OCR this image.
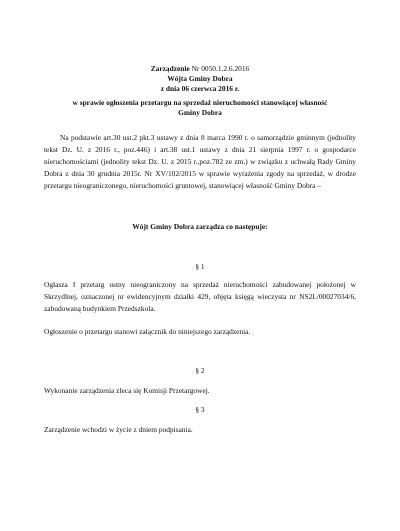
Zarządzenie Nr 0050.1.2.6.2016
Wójta Gminy Dobra
z dnia 06 czerwca 2016 r.
w sprawie ogłoszenia przetargu na sprzedaż nieruchomości stanowiącej własność
Gminy Dobra
Na podstawie art.30 ust.2 pkt.3 ustawy z dnia 8 marca 1990 r. o samorządzie gminnym (jednolity tekst Dz. U. z 2016 r., poz.446) i art.38 ust.1 ustawy z dnia 21 sierpnia 1997 r. o gospodarce nieruchomościami (jednolity tekst Dz. U. z 2015 r.,poz.782 ze zm.) w związku z uchwałą Rady Gminy Dobra z dnia 30 grudnia 2015r. Nr XV/102/2015 w sprawie wyrażenia zgody na sprzedaż, w drodze przetargu nieograniczonego, nieruchomości gruntowej, stanowiącej własność Gminy Dobra –
Wójt Gminy Dobra zarządza co następuje:
§ 1
Ogłasza I przetarg ustny nieograniczony na sprzedaż nieruchomości zabudowanej położonej w Skrzydlnej, oznaczonej nr ewidencyjnym działki 429, objęta księgą wieczysta nr NS2L/00027034/6, zabudowaną budynkiem Przedszkola.
Ogłoszenie o przetargu stanowi załącznik do niniejszego zarządzenia.
§ 2
Wykonanie zarządzenia zleca się Komisji Przetargowej.
§ 3
Zarządzenie wchodzi w życie z dniem podpisania.
